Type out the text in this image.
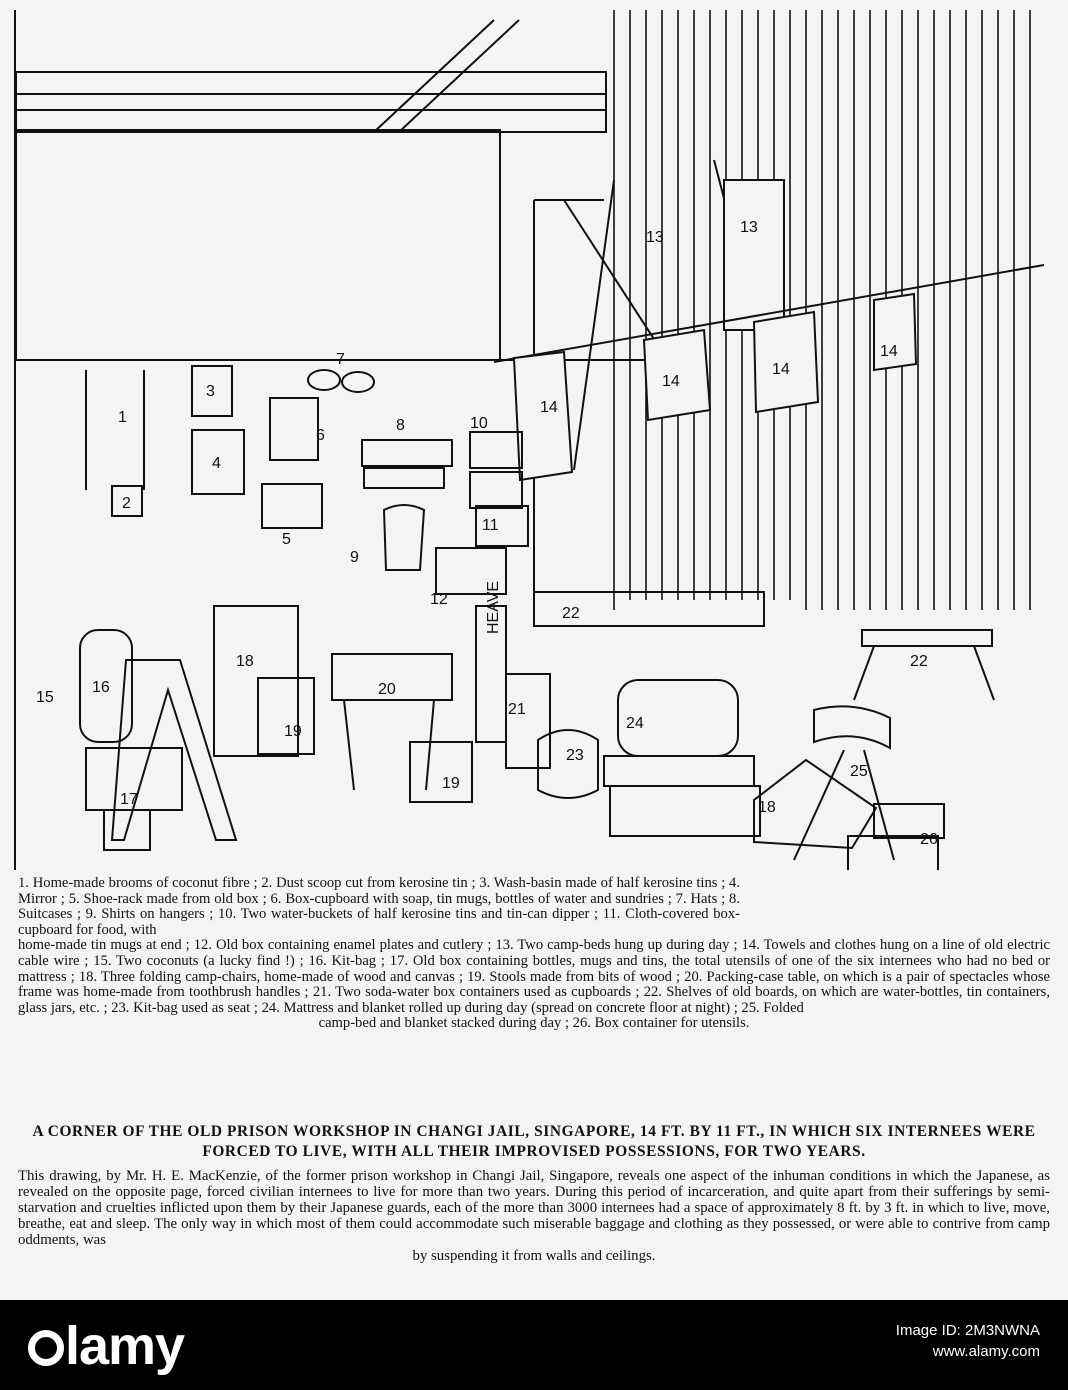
HEAVE
1
2
3
4
5
6
7
8
9
10
11
12
13
13
14
14
14
14
15
16
17
18
18
19
19
20
21
22
22
23
24
25
26
1. Home-made brooms of coconut fibre ; 2. Dust scoop cut from kerosine tin ; 3. Wash-basin made of half kerosine tins ; 4. Mirror ; 5. Shoe-rack made from old box ; 6. Box-cupboard with soap, tin mugs, bottles of water and sundries ; 7. Hats ; 8. Suitcases ; 9. Shirts on hangers ; 10. Two water-buckets of half kerosine tins and tin-can dipper ; 11. Cloth-covered box-cupboard for food, with
home-made tin mugs at end ; 12. Old box containing enamel plates and cutlery ; 13. Two camp-beds hung up during day ; 14. Towels and clothes hung on a line of old electric cable wire ; 15. Two coconuts (a lucky find !) ; 16. Kit-bag ; 17. Old box containing bottles, mugs and tins, the total utensils of one of the six internees who had no bed or mattress ; 18. Three folding camp-chairs, home-made of wood and canvas ; 19. Stools made from bits of wood ; 20. Packing-case table, on which is a pair of spectacles whose frame was home-made from toothbrush handles ; 21. Two soda-water box containers used as cupboards ; 22. Shelves of old boards, on which are water-bottles, tin containers, glass jars, etc. ; 23. Kit-bag used as seat ; 24. Mattress and blanket rolled up during day (spread on concrete floor at night) ; 25. Folded
camp-bed and blanket stacked during day ; 26. Box container for utensils.
A CORNER OF THE OLD PRISON WORKSHOP IN CHANGI JAIL, SINGAPORE, 14 FT. BY 11 FT., IN WHICH SIX INTERNEES WERE FORCED TO LIVE, WITH ALL THEIR IMPROVISED POSSESSIONS, FOR TWO YEARS.
This drawing, by Mr. H. E. MacKenzie, of the former prison workshop in Changi Jail, Singapore, reveals one aspect of the inhuman conditions in which the Japanese, as revealed on the opposite page, forced civilian internees to live for more than two years. During this period of incarceration, and quite apart from their sufferings by semi-starvation and cruelties inflicted upon them by their Japanese guards, each of the more than 3000 internees had a space of approximately 8 ft. by 3 ft. in which to live, move, breathe, eat and sleep. The only way in which most of them could accommodate such miserable baggage and clothing as they possessed, or were able to contrive from camp oddments, was
by suspending it from walls and ceilings.
lamy	Image ID: 2M3NWNA
www.alamy.com
